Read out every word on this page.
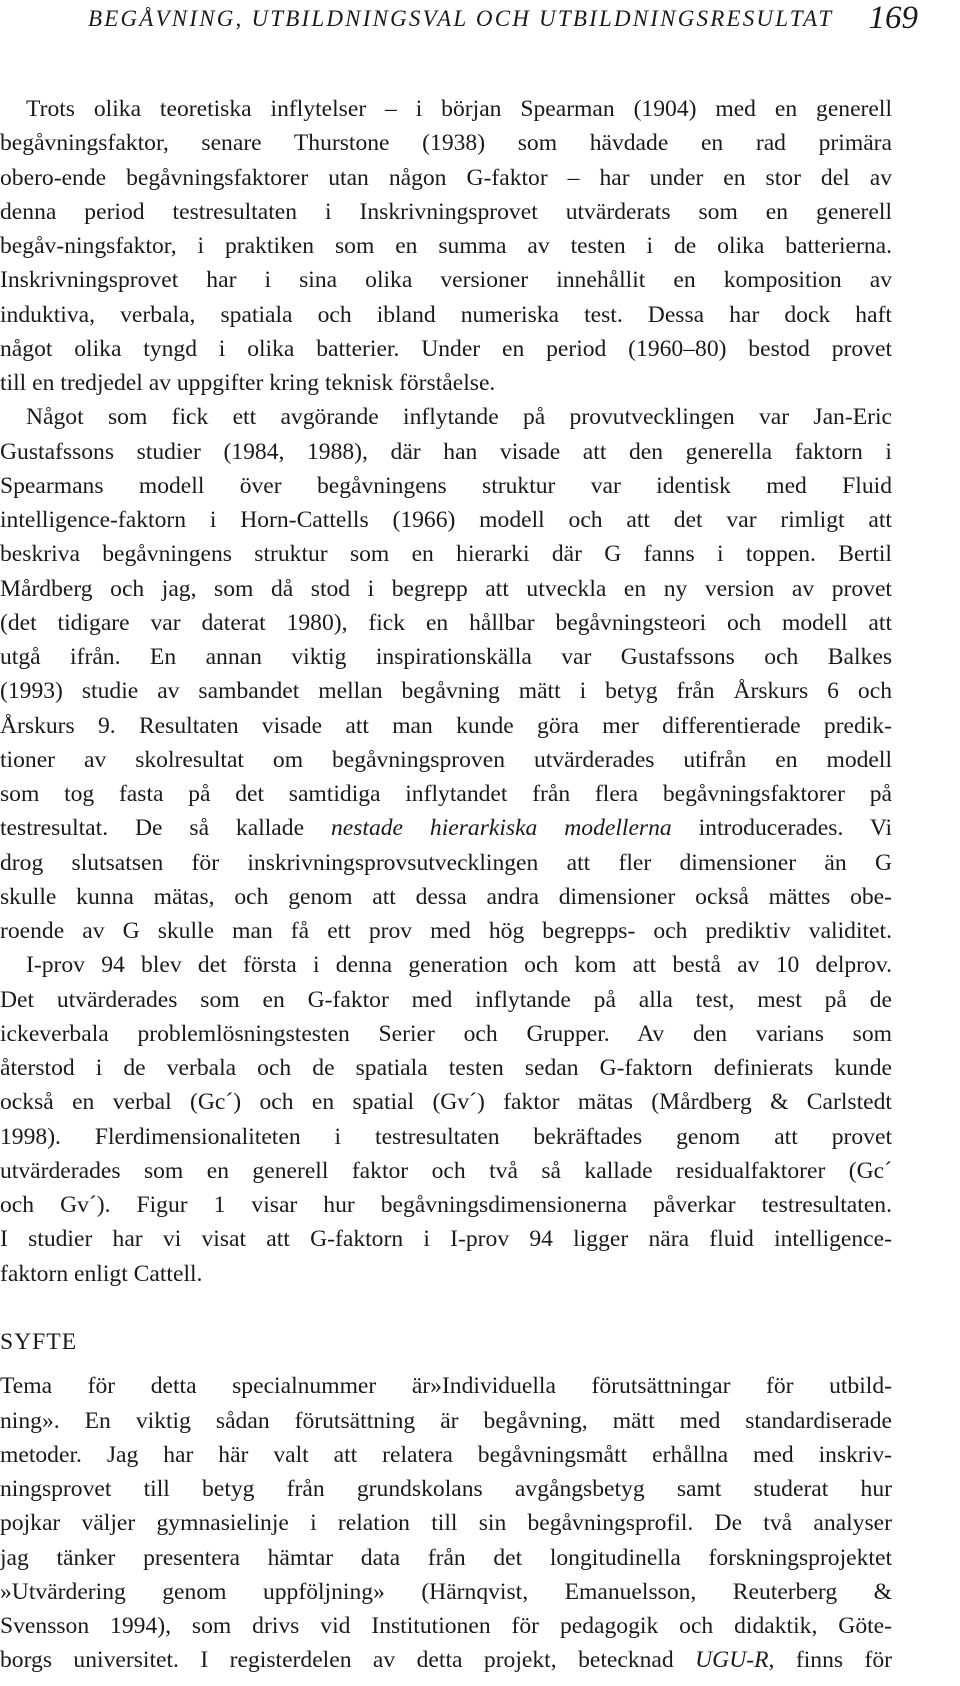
BEGÅVNING, UTBILDNINGSVAL OCH UTBILDNINGSRESULTAT 169
Trots olika teoretiska inflytelser – i början Spearman (1904) med en generell
begåvningsfaktor, senare Thurstone (1938) som hävdade en rad primära
obero-ende begåvningsfaktorer utan någon G-faktor – har under en stor del av
denna period testresultaten i Inskrivningsprovet utvärderats som en generell
begåv-ningsfaktor, i praktiken som en summa av testen i de olika batterierna.
Inskrivningsprovet har i sina olika versioner innehållit en komposition av
induktiva, verbala, spatiala och ibland numeriska test. Dessa har dock haft
något olika tyngd i olika batterier. Under en period (1960–80) bestod provet
till en tredjedel av uppgifter kring teknisk förståelse.
Något som fick ett avgörande inflytande på provutvecklingen var Jan-Eric
Gustafssons studier (1984, 1988), där han visade att den generella faktorn i
Spearmans modell över begåvningens struktur var identisk med Fluid
intelligence-faktorn i Horn-Cattells (1966) modell och att det var rimligt att
beskriva begåvningens struktur som en hierarki där G fanns i toppen. Bertil
Mårdberg och jag, som då stod i begrepp att utveckla en ny version av provet
(det tidigare var daterat 1980), fick en hållbar begåvningsteori och modell att
utgå ifrån. En annan viktig inspirationskälla var Gustafssons och Balkes
(1993) studie av sambandet mellan begåvning mätt i betyg från Årskurs 6 och
Årskurs 9. Resultaten visade att man kunde göra mer differentierade predik-
tioner av skolresultat om begåvningsproven utvärderades utifrån en modell
som tog fasta på det samtidiga inflytandet från flera begåvningsfaktorer på
testresultat. De så kallade nestade hierarkiska modellerna introducerades. Vi
drog slutsatsen för inskrivningsprovsutvecklingen att fler dimensioner än G
skulle kunna mätas, och genom att dessa andra dimensioner också mättes obe-
roende av G skulle man få ett prov med hög begrepps- och prediktiv validitet.
I-prov 94 blev det första i denna generation och kom att bestå av 10 delprov.
Det utvärderades som en G-faktor med inflytande på alla test, mest på de
ickeverbala problemlösningstesten Serier och Grupper. Av den varians som
återstod i de verbala och de spatiala testen sedan G-faktorn definierats kunde
också en verbal (Gc´) och en spatial (Gv´) faktor mätas (Mårdberg & Carlstedt
1998). Flerdimensionaliteten i testresultaten bekräftades genom att provet
utvärderades som en generell faktor och två så kallade residualfaktorer (Gc´
och Gv´). Figur 1 visar hur begåvningsdimensionerna påverkar testresultaten.
I studier har vi visat att G-faktorn i I-prov 94 ligger nära fluid intelligence-
faktorn enligt Cattell.
SYFTE
Tema för detta specialnummer är»Individuella förutsättningar för utbild-
ning». En viktig sådan förutsättning är begåvning, mätt med standardiserade
metoder. Jag har här valt att relatera begåvningsmått erhållna med inskriv-
ningsprovet till betyg från grundskolans avgångsbetyg samt studerat hur
pojkar väljer gymnasielinje i relation till sin begåvningsprofil. De två analyser
jag tänker presentera hämtar data från det longitudinella forskningsprojektet
»Utvärdering genom uppföljning» (Härnqvist, Emanuelsson, Reuterberg &
Svensson 1994), som drivs vid Institutionen för pedagogik och didaktik, Göte-
borgs universitet. I registerdelen av detta projekt, betecknad UGU-R, finns för
